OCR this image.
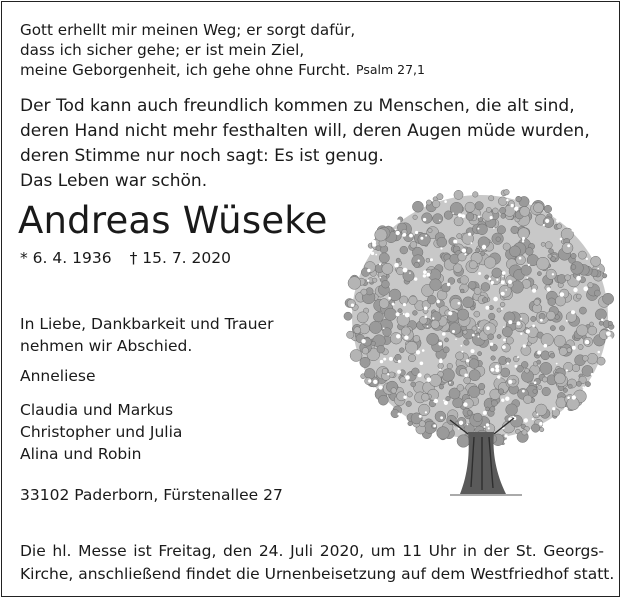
Gott erhellt mir meinen Weg; er sorgt dafür,
dass ich sicher gehe; er ist mein Ziel,
meine Geborgenheit, ich gehe ohne Furcht. Psalm 27,1
Der Tod kann auch freundlich kommen zu Menschen, die alt sind,
deren Hand nicht mehr festhalten will, deren Augen müde wurden,
deren Stimme nur noch sagt: Es ist genug.
Das Leben war schön.
Andreas Wüseke
* 6. 4. 1936 † 15. 7. 2020
In Liebe, Dankbarkeit und Trauer
nehmen wir Abschied.
Anneliese
Claudia und Markus
Christopher und Julia
Alina und Robin
33102 Paderborn, Fürstenallee 27
Die hl. Messe ist Freitag, den 24. Juli 2020, um 11 Uhr in der St. Georgs-
Kirche, anschließend findet die Urnenbeisetzung auf dem Westfriedhof statt.
